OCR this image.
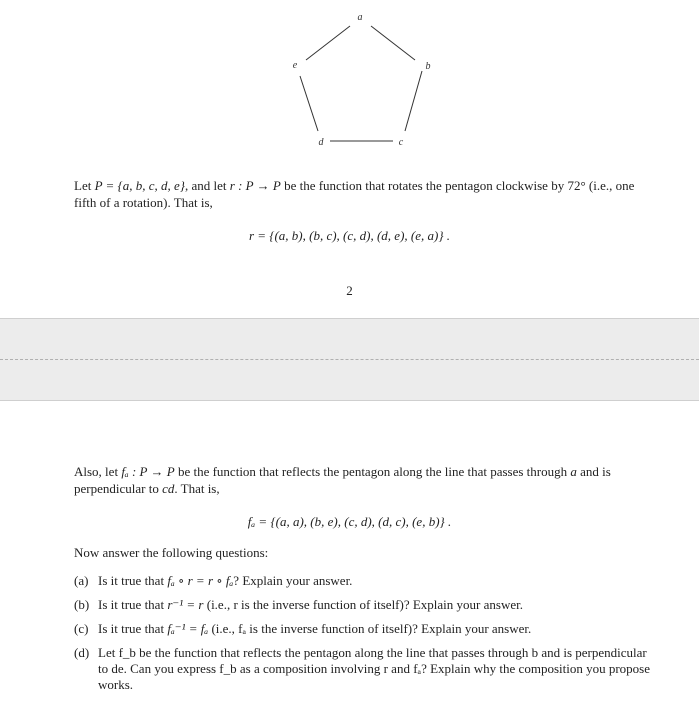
a
b
c
d
e

Let P = {a, b, c, d, e}, and let r : P → P be the function that rotates the pentagon clockwise by 72° (i.e., one fifth of a rotation). That is,

r = {(a, b), (b, c), (c, d), (d, e), (e, a)} .
2

Also, let fₐ : P → P be the function that reflects the pentagon along the line that passes through a and is perpendicular to cd. That is,

fₐ = {(a, a), (b, e), (c, d), (d, c), (e, b)} .
Now answer the following questions:
(a) Is it true that fₐ ∘ r = r ∘ fₐ? Explain your answer.
(b) Is it true that r⁻¹ = r (i.e., r is the inverse function of itself)? Explain your answer.
(c) Is it true that fₐ⁻¹ = fₐ (i.e., fₐ is the inverse function of itself)? Explain your answer.
(d) Let f_b be the function that reflects the pentagon along the line that passes through b and is perpendicular to de. Can you express f_b as a composition involving r and fₐ? Explain why the composition you propose works.
